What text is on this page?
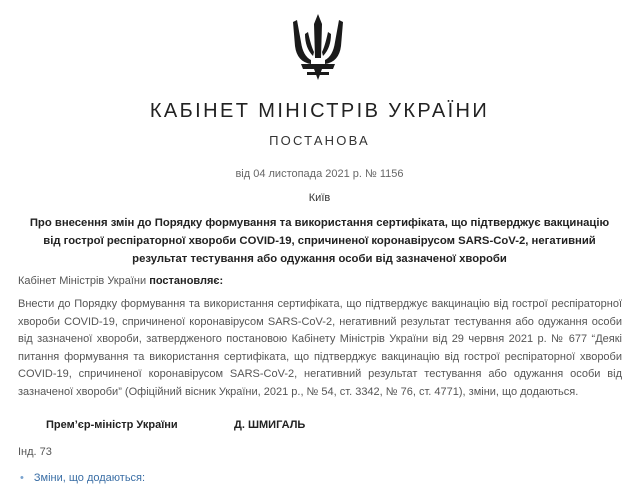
КАБІНЕТ МІНІСТРІВ УКРАЇНИ
ПОСТАНОВА
від 04 листопада 2021 р. № 1156
Київ
Про внесення змін до Порядку формування та використання сертифіката, що підтверджує вакцинацію
від гострої респіраторної хвороби COVID-19, спричиненої коронавірусом SARS-CoV-2, негативний
результат тестування або одужання особи від зазначеної хвороби
Кабінет Міністрів України постановляє:
Внести до Порядку формування та використання сертифіката, що підтверджує вакцинацію від гострої респіраторної хвороби COVID-19, спричиненої коронавірусом SARS-CoV-2, негативний результат тестування або одужання особи від зазначеної хвороби, затвердженого постановою Кабінету Міністрів України від 29 червня 2021 р. № 677 “Деякі питання формування та використання сертифіката, що підтверджує вакцинацію від гострої респіраторної хвороби COVID-19, спричиненої коронавірусом SARS-CoV-2, негативний результат тестування або одужання особи від зазначеної хвороби” (Офіційний вісник України, 2021 р., № 54, ст. 3342, № 76, ст. 4771), зміни, що додаються.
Прем’єр-міністр України	Д. ШМИГАЛЬ
Інд. 73
• Зміни, що додаються:
